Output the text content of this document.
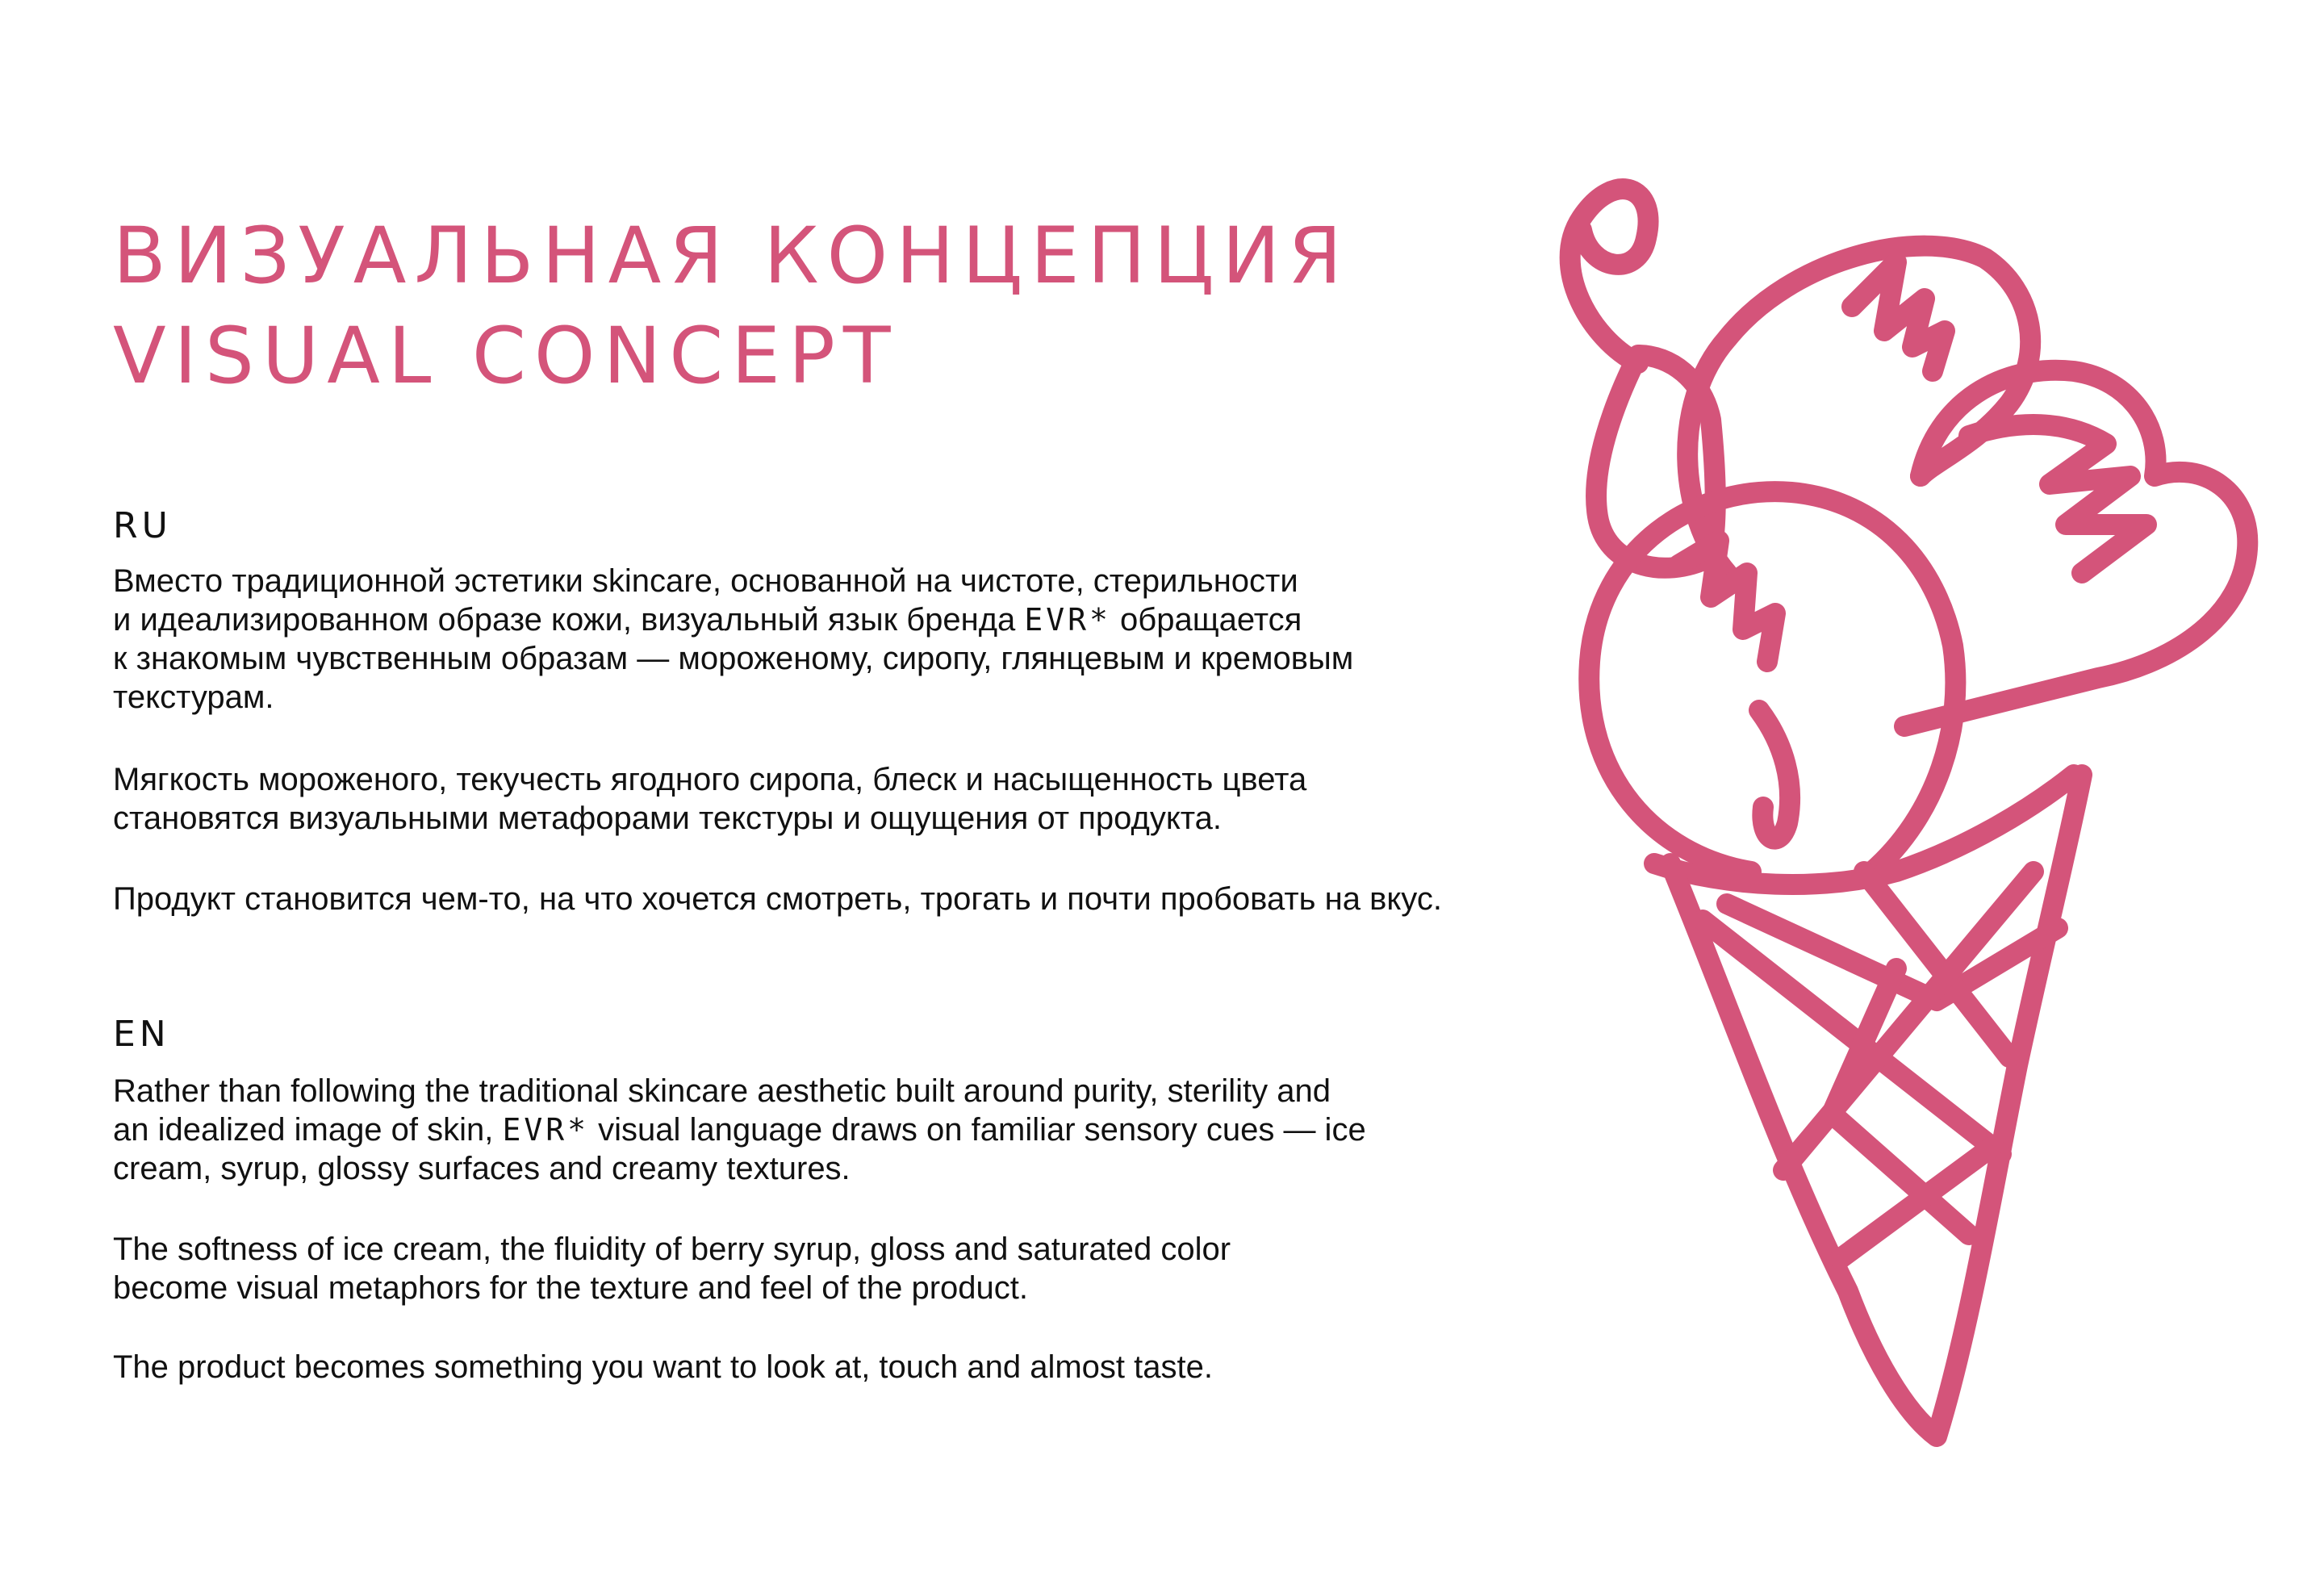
ВИЗУАЛЬНАЯ КОНЦЕПЦИЯ
VISUAL CONCEPT
RU

Вместо традиционной эстетики skincare, основанной на чистоте, стерильности
и идеализированном образе кожи, визуальный язык бренда EVR* обращается
к знакомым чувственным образам — мороженому, сиропу, глянцевым и кремовым
текстурам.

Мягкость мороженого, текучесть ягодного сиропа, блеск и насыщенность цвета
становятся визуальными метафорами текстуры и ощущения от продукта.

Продукт становится чем-то, на что хочется смотреть, трогать и почти пробовать на вкус.

EN

Rather than following the traditional skincare aesthetic built around purity, sterility and
an idealized image of skin, EVR* visual language draws on familiar sensory cues — ice
cream, syrup, glossy surfaces and creamy textures.

The softness of ice cream, the fluidity of berry syrup, gloss and saturated color
become visual metaphors for the texture and feel of the product.

The product becomes something you want to look at, touch and almost taste.
